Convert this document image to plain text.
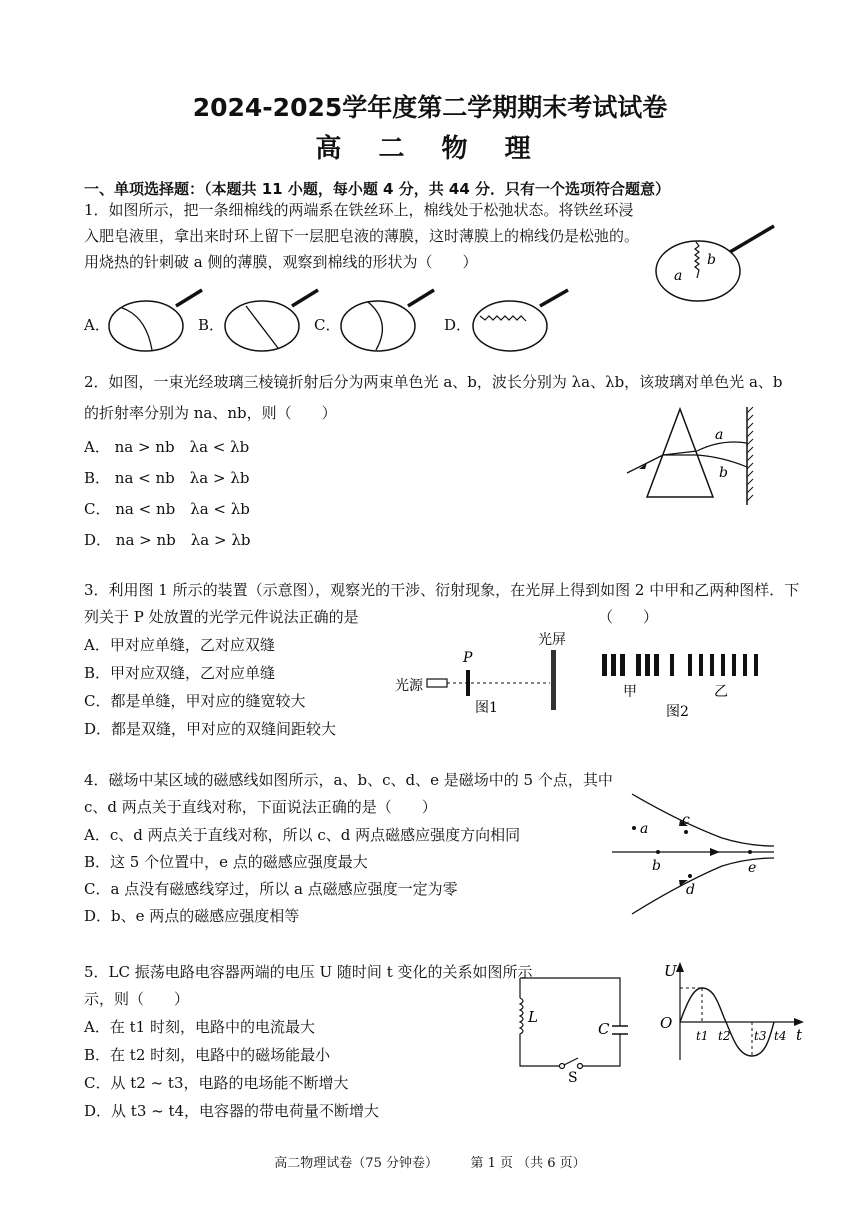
2024-2025学年度第二学期期末考试试卷
高 二 物 理
一、单项选择题：（本题共 11 小题，每小题 4 分，共 44 分．只有一个选项符合题意）
1．如图所示，把一条细棉线的两端系在铁丝环上，棉线处于松弛状态。将铁丝环浸
入肥皂液里，拿出来时环上留下一层肥皂液的薄膜，这时薄膜上的棉线仍是松弛的。
用烧热的针刺破 a 侧的薄膜，观察到棉线的形状为（　　）
a
b
A．	B．	C．	D．
2．如图，一束光经玻璃三棱镜折射后分为两束单色光 a、b，波长分别为 λa、λb，该玻璃对单色光 a、b
的折射率分别为 na、nb，则（　　）
A． na > nb　λa < λb
B． na < nb　λa > λb
C． na < nb　λa < λb
D． na > nb　λa > λb
a
b
3．利用图 1 所示的装置（示意图），观察光的干涉、衍射现象，在光屏上得到如图 2 中甲和乙两种图样．下
列关于 P 处放置的光学元件说法正确的是	（　　）
A．甲对应单缝，乙对应双缝
B．甲对应双缝，乙对应单缝
C．都是单缝，甲对应的缝宽较大
D．都是双缝，甲对应的双缝间距较大
光源
P
光屏
图1
甲	乙
图2
4．磁场中某区域的磁感线如图所示，a、b、c、d、e 是磁场中的 5 个点，其中
c、d 两点关于直线对称，下面说法正确的是（　　）
A．c、d 两点关于直线对称，所以 c、d 两点磁感应强度方向相同
B．这 5 个位置中，e 点的磁感应强度最大
C．a 点没有磁感线穿过，所以 a 点磁感应强度一定为零
D．b、e 两点的磁感应强度相等
a
b
c
d
e
5．LC 振荡电路电容器两端的电压 U 随时间 t 变化的关系如图所示
示，则（　　）
A．在 t1 时刻，电路中的电流最大
B．在 t2 时刻，电路中的磁场能最小
C．从 t2 ~ t3，电路的电场能不断增大
D．从 t3 ~ t4，电容器的带电荷量不断增大
L
C
S
U
O
t
t1 t2 t3 t4
高二物理试卷（75 分钟卷）　　　第 1 页 （共 6 页）
